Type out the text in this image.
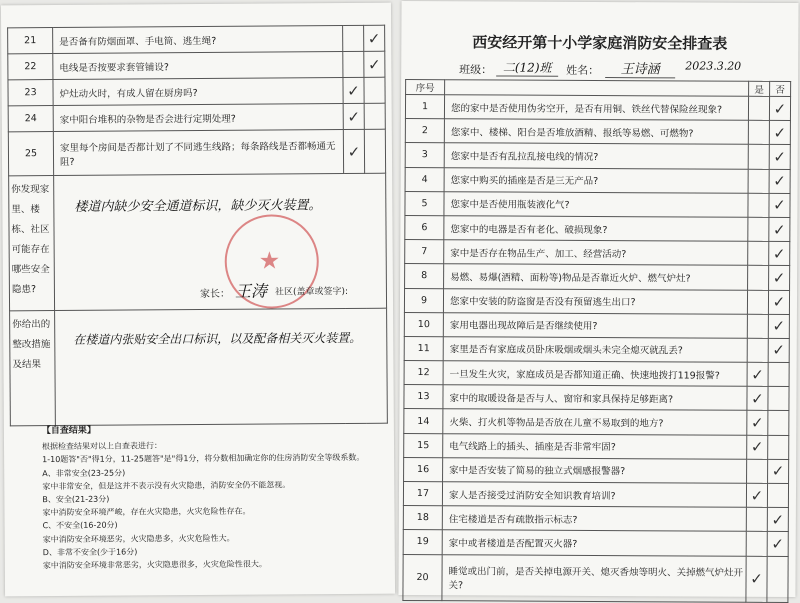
21	是否备有防烟面罩、手电筒、逃生绳?		✓
22	电线是否按要求套管铺设?		✓
23	炉灶动火时，有成人留在厨房吗?	✓	
24	家中阳台堆积的杂物是否会进行定期处理?	✓	
25	家里每个房间是否都计划了不同逃生线路；每条路线是否都畅通无阻?	✓	
你发现家里、楼栋、社区可能存在哪些安全隐患?	楼道内缺少安全通道标识，缺少灭火装置。
★
家长： 王涛 社区(盖章或签字):		

你给出的整改措施及结果	在楼道内张贴安全出口标识，以及配备相关灭火装置。		
【自查结果】
根据检查结果对以上自查表进行：
1-10题答"否"得1分，11-25题答"是"得1分，将分数相加确定你的住房消防安全等级系数。
A、非常安全(23-25分)
家中非常安全，但是这并不表示没有火灾隐患，消防安全仍不能忽视。
B、安全(21-23分)
家中消防安全环境严峻，存在火灾隐患，火灾危险性存在。
C、不安全(16-20分)
家中消防安全环境恶劣，火灾隐患多，火灾危险性大。
D、非常不安全(少于16分)
家中消防安全环境非常恶劣，火灾隐患很多，火灾危险性很大。
西安经开第十小学家庭消防安全排查表
班级： 二(12)班	姓名：	王诗涵	2023.3.20
序号		是	否
1	您的家中是否使用伪劣空开，是否有用铜、铁丝代替保险丝现象?		✓
2	您家中、楼梯、阳台是否堆放酒精、报纸等易燃、可燃物?		✓
3	您家中是否有乱拉乱接电线的情况?		✓
4	您家中购买的插座是否是三无产品?		✓
5	您家中是否使用瓶装液化气?		✓
6	您家中的电器是否有老化、破损现象?		✓
7	家中是否存在物品生产、加工、经营活动?		✓
8	易燃、易爆(酒精、面粉等)物品是否靠近火炉、燃气炉灶?		✓
9	您家中安装的防盗窗是否没有预留逃生出口?		✓
10	家用电器出现故障后是否继续使用?		✓
11	家里是否有家庭成员卧床吸烟或烟头未完全熄灭就乱丢?		✓
12	一旦发生火灾，家庭成员是否都知道正确、快速地拨打119报警?	✓	
13	家中的取暖设备是否与人、窗帘和家具保持足够距离?	✓	
14	火柴、打火机等物品是否放在儿童不易取到的地方?	✓	
15	电气线路上的插头、插座是否非常牢固?	✓	
16	家中是否安装了简易的独立式烟感报警器?		✓
17	家人是否接受过消防安全知识教育培训?	✓	
18	住宅楼道是否有疏散指示标志?		✓
19	家中或者楼道是否配置灭火器?		✓
20	睡觉或出门前，是否关掉电源开关、熄灭香烛等明火、关掉燃气炉灶开关?	✓	
